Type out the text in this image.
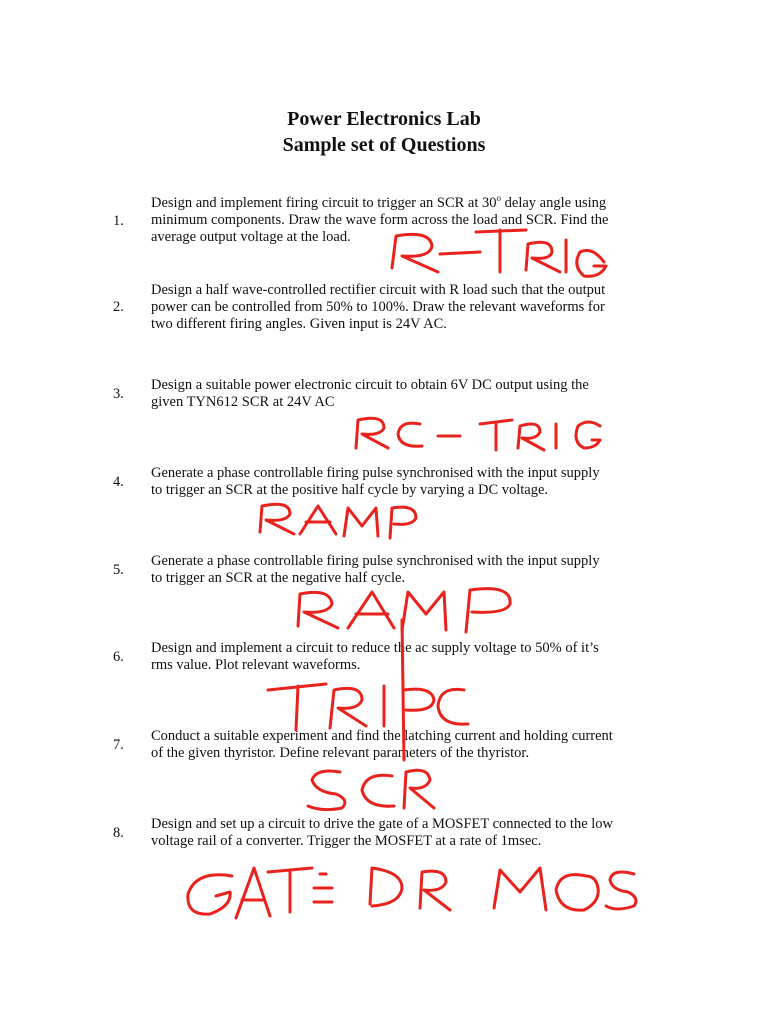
Power Electronics Lab
Sample set of Questions
1.
Design and implement firing circuit to trigger an SCR at 30$^o$ delay angle using
minimum components. Draw the wave form across the load and SCR. Find the
average output voltage at the load.
2.
Design a half wave-controlled rectifier circuit with R load such that the output
power can be controlled from 50% to 100%. Draw the relevant waveforms for
two different firing angles. Given input is 24V AC.
3.
Design a suitable power electronic circuit to obtain 6V DC output using the
given TYN612 SCR at 24V AC
4.
Generate a phase controllable firing pulse synchronised with the input supply
to trigger an SCR at the positive half cycle by varying a DC voltage.
5.
Generate a phase controllable firing pulse synchronised with the input supply
to trigger an SCR at the negative half cycle.
6.
Design and implement a circuit to reduce the ac supply voltage to 50% of it’s
rms value. Plot relevant waveforms.
7.
Conduct a suitable experiment and find the latching current and holding current
of the given thyristor. Define relevant parameters of the thyristor.
8.
Design and set up a circuit to drive the gate of a MOSFET connected to the low
voltage rail of a converter. Trigger the MOSFET at a rate of 1msec.
